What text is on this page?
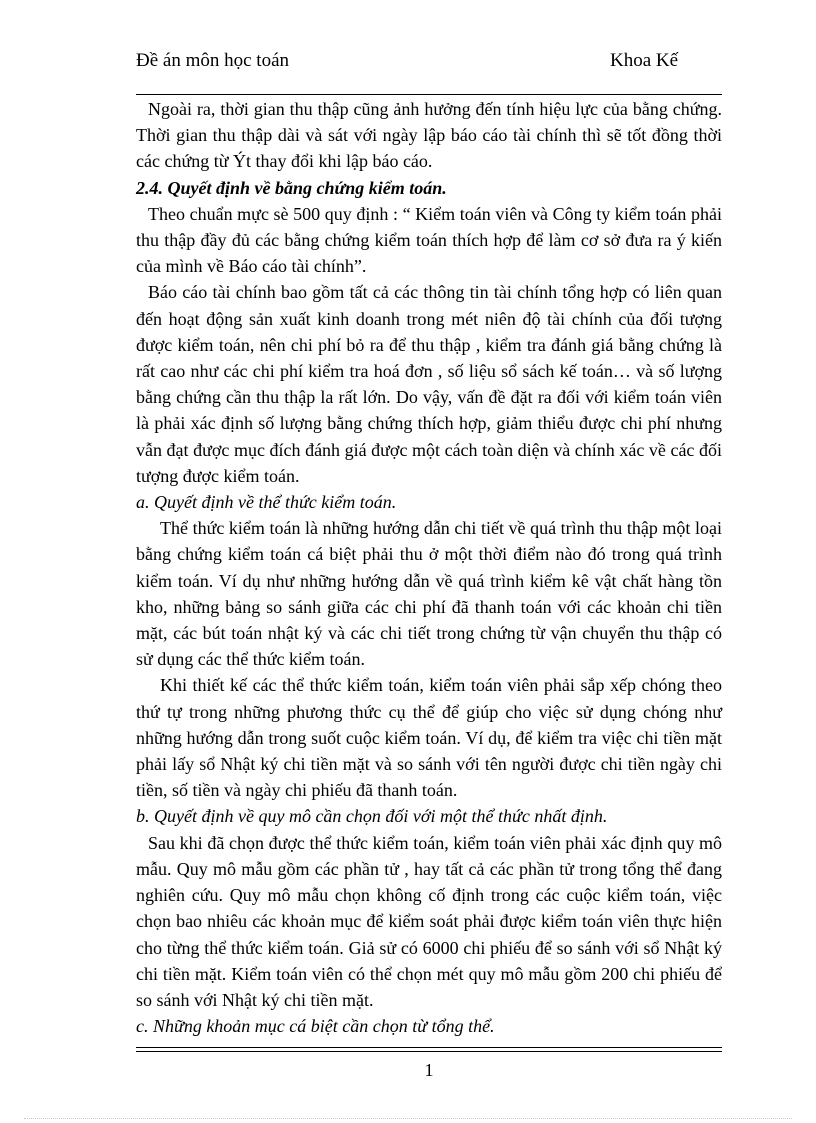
Đề án môn học toán	Khoa Kế

Ngoài ra, thời gian thu thập cũng ảnh hưởng đến tính hiệu lực của bằng chứng. Thời gian thu thập dài và sát với ngày lập báo cáo tài chính thì sẽ tốt đồng thời các chứng từ Ýt thay đổi khi lập báo cáo.

2.4. Quyết định về bằng chứng kiểm toán.

Theo chuẩn mực sè 500 quy định : “ Kiểm toán viên và Công ty kiểm toán phải thu thập đầy đủ các bằng chứng kiểm toán thích hợp để làm cơ sở đưa ra ý kiến của mình về Báo cáo tài chính”.

Báo cáo tài chính bao gồm tất cả các thông tin tài chính tổng hợp có liên quan đến hoạt động sản xuất kinh doanh trong mét niên độ tài chính của đối tượng được kiểm toán, nên chi phí bỏ ra để thu thập , kiểm tra đánh giá bằng chứng là rất cao như các chi phí kiểm tra hoá đơn , số liệu sổ sách kế toán… và số lượng bằng chứng cần thu thập la rất lớn. Do vậy, vấn đề đặt ra đối với kiểm toán viên là phải xác định số lượng bằng chứng thích hợp, giảm thiểu được chi phí nhưng vẫn đạt được mục đích đánh giá được một cách toàn diện và chính xác về các đối tượng được kiểm toán.

a. Quyết định về thể thức kiểm toán.

Thể thức kiểm toán là những hướng dẫn chi tiết về quá trình thu thập một loại bằng chứng kiểm toán cá biệt phải thu ở một thời điểm nào đó trong quá trình kiểm toán. Ví dụ như những hướng dẫn về quá trình kiểm kê vật chất hàng tồn kho, những bảng so sánh giữa các chi phí đã thanh toán với các khoản chi tiền mặt, các bút toán nhật ký và các chi tiết trong chứng từ vận chuyển thu thập có sử dụng các thể thức kiểm toán.

Khi thiết kế các thể thức kiểm toán, kiểm toán viên phải sắp xếp chóng theo thứ tự trong những phương thức cụ thể để giúp cho việc sử dụng chóng như những hướng dẫn trong suốt cuộc kiểm toán. Ví dụ, để kiểm tra việc chi tiền mặt phải lấy sổ Nhật ký chi tiền mặt và so sánh với tên người được chi tiền ngày chi tiền, số tiền và ngày chi phiếu đã thanh toán.

b. Quyết định về quy mô cần chọn đối với một thể thức nhất định.

Sau khi đã chọn được thể thức kiểm toán, kiểm toán viên phải xác định quy mô mẫu. Quy mô mẫu gồm các phần tử , hay tất cả các phần tử trong tổng thể đang nghiên cứu. Quy mô mẫu chọn không cố định trong các cuộc kiểm toán, việc chọn bao nhiêu các khoản mục để kiểm soát phải được kiểm toán viên thực hiện cho từng thể thức kiểm toán. Giả sử có 6000 chi phiếu để so sánh với sổ Nhật ký chi tiền mặt. Kiểm toán viên có thể chọn mét quy mô mẫu gồm 200 chi phiếu để so sánh với Nhật ký chi tiền mặt.

c. Những khoản mục cá biệt cần chọn từ tổng thể.

1
